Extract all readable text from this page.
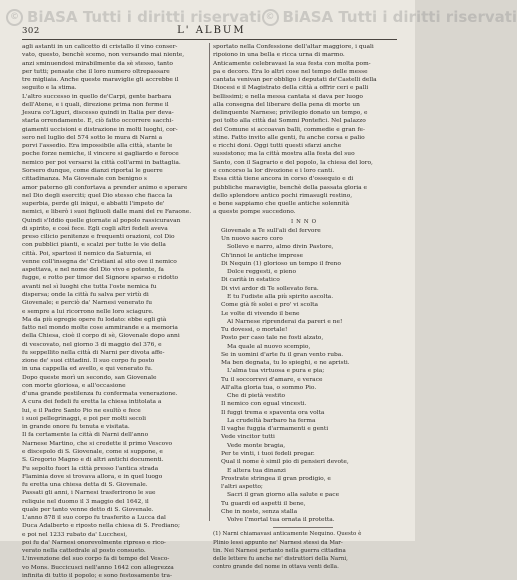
© BiASA Tutti i diritti riservati © BiASA Tutti i diritti riservati
302	L' ALBUM
agli astanti in un calicetto di cristallo il vino conser-
vato, questo, benchè scemo, non versando mai niente,
anzi sminuendosi mirabilmente da sè stesso, tanto
per tutti; pensate che il loro numero oltrepassare
tre migliaia. Anche queste maraviglie gli accrebbe il
seguito e la stima.
L'altro successo in quello de'Carpi, gente barbara
dell'Atene, e i quali, direzione prima non ferme il
Jesura co'Liguri, discesso quindi in Italia per deva-
starla orrendamente. E, ciò fatto occorrere sacchi-
giamenti uccisioni e distrazione in molti luoghi, cor-
sero nel luglio del 574 sotto le mura di Narni a
porvi l'assedio. Era impossibile alla città, stante le
poche forze nemiche, il vincere si gagliardo e feroce
nemico per poi versarsi la città coll'armi in battaglia.
Sorsero dunque, come dianzi riportai le guerre
cittadinanza. Ma Giovenale con benigno s
amor paterno gli confortava a prender animo e sperare
nel Dio degli eserciti; quel Dio stesso che fiacca la
superbia, perde gli iniqui, e abbatti l'impeto de'
nemici, e liberò i suoi figliuoli dalle mani del re Faraone.
Quindi s'Iddio quelle giornate al popolo rassicuravan
di spirito, e così fece. Egli cogli altri fedeli aveva
preso cilicio penitenze e frequenti orazioni, col Dio
con pubblici pianti, e scalzi per tutte le vie della
città. Poi, spartosi il nemico da Saturnia, ei
venne coll'insegna de' Cristiani al sito ove il nemico
aspettava, e nel nome del Dio vivo e potente, fa
fugge, e rotto per timor del Signore sparso e ridotto
avanti nel sì luoghi che tutta l'oste nemica fu
dispersa; onde la città fu salva per virtù di
Giovenale; e perciò da' Narnesi venerato fu
e sempre a lui ricorrono nelle loro sciagure.
Ma da più egregie opere fu lodato: ebbe egli già
fatto nel mondo molte cose ammirande e a memoria
della Chiesa, cioè il corpo di sè, Giovenale dopo anni
di vescovato, nel giorno 3 di maggio del 376, e
fu seppellito nella città di Narni per divota affe-
zione de' suoi cittadini. Il suo corpo fu posto
in una cappella ed avello, e qui venerato fu.
Dopo queste morì un secondo, san Giovenale
con morte gloriosa, e all'occasione
d'una grande pestilenza fu confermata venerazione.
A cura dei fedeli fu eretta la chiesa intitolata a
lui, e il Padre Santo Pio ne esultò e fece
i suoi pellegrinaggi, e poi per molti secoli
in grande onore fu tenuta e visitata.
Il fa certamente la città di Narni dell'anno
Narnese Martino, che si credette il primo Vescovo
e discepolo di S. Giovenale, come si suppone, e
S. Gregorio Magno e di altri antichi documenti.
Fu sepolto fuori la città presso l'antica strada
Flaminia dove si trovava allora, e in quel luogo
fu eretta una chiesa detta di S. Giovenale.
Passati gli anni, i Narnesi trasferirono le sue
reliquie nel duomo il 3 maggio del 1642, il
quale per tanto venne detto di S. Giovenale.
L'anno 878 il suo corpo fu trasferito a Lucca dal
Duca Adalberto e riposto nella chiesa di S. Frediano;
e poi nel 1233 rubato da' Lucchesi,
poi fu da' Narnesi onorevolmente ripreso e rico-
verato nella cattedrale al posto consueto.
L'invenzione del suo corpo fa di tempo del Vesco-
vo Mons. Buccicusci nell'anno 1642 con allegrezza
infinita di tutto il popolo; e sono festosamente tra-
sportato nella Confessione dell'altar maggiore, i quali
ripoiono in una bella e ricca urna di marmo.
Anticamente celebravasi la sua festa con molta pom-
pa e decoro. Era lo altri cose nel tempo delle messe
cantata venivan per obbligo i deputati de'Castelli della
Diocesi e il Magistrato della città a offrir ceri e palli
bellissimi; e nella messa cantata si dava per luogo
alla consegna del liberare della pena di morte un
delinquente Narnese; privilegio donato un tempo, e
poi tolto alla città dai Sommi Pontefici. Nel palazzo
del Comune si accoavan balli, commedie e gran fe-
stine. Fatto invito alle genti, fu anche corsa e palio
e ricchi doni. Oggi tutti questi sfarzi anche
sussistono; ma la città mostra alla festa del suo
Santo, con il Sagrario e del popolo, la chiesa del loro,
e concorso la lor divozione e i loro canti.
Essa città tiene ancora in corso d'ossequio e di
pubbliche maraviglie, benchè della passata gloria e
dello splendore antico pochi rimasugli restino,
e bene sappiamo che quelle antiche solennità
a queste pompe succedono.
INNO
Giovenale a Te sull'ali del fervore
Un nuovo sacro coro
Sollevo e narro, almo divin Pastore,
Ch'innoi le antiche imprese
Di Nequin (1) glorioso un tempo il freno
Dolce reggesti, e pieno
Di carità in estatico
Di vivi ardor di Te sollevato fera.
E tu l'udiste alla più spirito ascolta.
Come già fè solei e pro' vi scolta
Le volte di vivendo il bene
Al Narnese riprenderai da pareri e ne!
Tu dovessi, o mortale!
Posto per caso tale ne fosti alzato,
Ma quale al nuovo scempio,
Se in uomini d'arte fu il gran vento ruba.
Ma ben degnata, tu lo spieghi, e ne apristi.
L'alma tua virtuosa e pura e pia;
Tu il soccorrevi d'amare, e verace
All'alta gloria tua, o sommo Pio.
Che di pietà vestito
Il nemico con egual vincesti.
Il fuggi trema e spaventa ora volta
La crudeltà barbaro ha ferma
Il vaghe fuggia d'armamenti e genti
Vede vincitor tutti
Vede monte bragia,
Per te vinti, i tuoi fedeli pregar.
Qual il nome è simil pio di pensieri devote,
E altera tua dinanzi
Prostrate stringea il gran prodigio, e
l'altri aspetto;
Sacri il gran giorno alla salute e pace
Tu guardi ed aspetti il bene,
Che in noste, senza stalla
Volve l'mortal tua ornata il protetta.
(1) Narni chiamavasi anticamente Nequino. Questo è
Plinio lessi appunto ne' Narnesi stessi da Mar-
tin. Nei Narnesi pertanto nella guerra cittadina
delle lettere fu anche ne' distruttori della Narni,
contro grande del nome in ottava venti della.
